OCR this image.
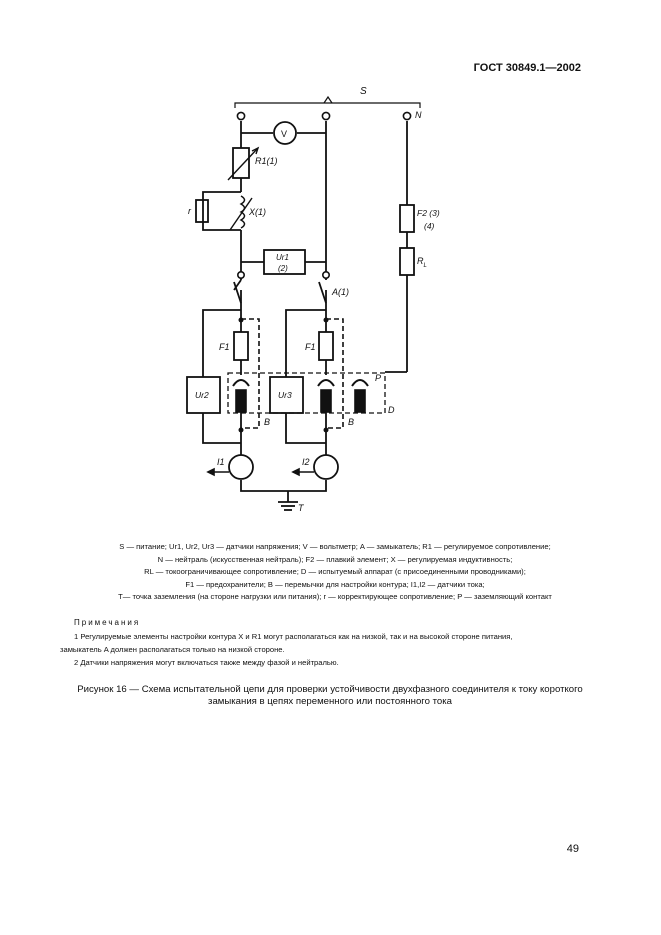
ГОСТ 30849.1—2002
S
N
V
R1(1)
r	X(1)
Ur1
(2)
F2 (3)
(4)
$R_L$
A(1)
F1	F1
Ur2	Ur3
P
B	B
D
I1	I2
T
S — питание; Ur1, Ur2, Ur3 — датчики напряжения; V — вольтметр; A — замыкатель; R1 — регулируемое сопротивление;
N — нейтраль (искусственная нейтраль); F2 — плавкий элемент; X — регулируемая индуктивность;
RL — токоограничивающее сопротивление; D — испытуемый аппарат (с присоединенными проводниками);
F1 — предохранители; B — перемычки для настройки контура; I1,I2 — датчики тока;
T— точка заземления (на стороне нагрузки или питания); r — корректирующее сопротивление; P — заземляющий контакт
Примечания
1 Регулируемые элементы настройки контура X и R1 могут располагаться как на низкой, так и на высокой стороне питания,
замыкатель A должен располагаться только на низкой стороне.
2 Датчики напряжения могут включаться также между фазой и нейтралью.
Рисунок 16 — Схема испытательной цепи для проверки устойчивости двухфазного соединителя к току короткого
замыкания в цепях переменного или постоянного тока
49
